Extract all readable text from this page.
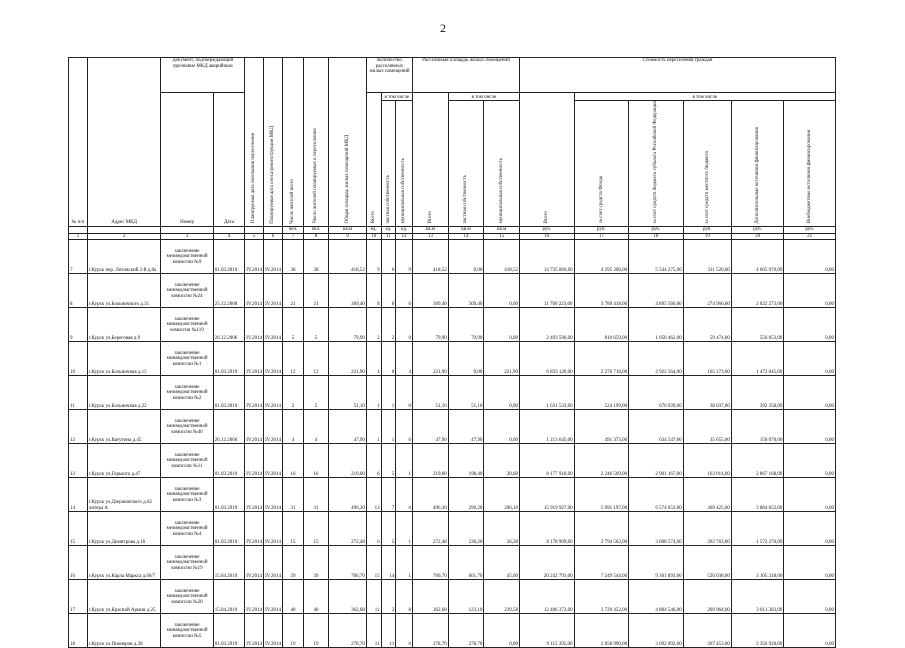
2
№ п/п	Адрес МКД	Документ, подтверждающий признание МКД аварийным		Планируемая дата окончания переселения	Планируемая дата сноса/реконструкции МКД	Число жителей всего	Число жителей планируемых к переселению	Общая площадь жилых помещений МКД	Количество расселяемых жилых помещений			Расселяемая площадь жилых помещений			Стоимость переселения граждан					
		Номер	Дата						Всего	в том числе		Всего	в том числе		Всего	в том числе				
										частная собственность	муниципальная собственность		частная собственность	муниципальная собственность		за счет средств Фонда	за счет средств бюджета субъекта Российской Федерации	за счет средств местного бюджета	Дополнительные источники финансирования	Внебюджетные источники финансирования
						чел.	чел.	кв.м	ед.	ед.	ед.	кв.м	кв.м	кв.м	руб.	руб.	руб.	руб.	руб.	руб.
1	2	3	4	5	6	7	8	9	10	11	12	13	14	15	16	17	18	19	20	21
7	г.Курск пер. Литовский 2-й д.8а	заключение межведомственной комиссии №9	01.03.2010	IV.2014	IV.2014	38	38	418,52	9	0	9	418,52	0,00	418,52	14 735 066,00	4 295 306,00	5 544 275,00	311 520,00	4 605 970,00	0,00
8	г.Курск ул.Больничного д.31	заключение межведомственной комиссии №24	25.12.2008	IV.2014	IV.2014	21	21	369,40	8	8	0	369,40	369,40	0,00	11 760 223,00	3 789 418,00	4 895 566,00	274 966,00	2 022 273,00	0,00
9	г.Курск ул.Береговая д.9	заключение межведомственной комиссии №119	26.12.2006	IV.2014	IV.2014	5	5	79,90	2	2	0	79,90	79,90	0,00	2 493 596,00	810 659,00	1 058 462,00	59 474,00	556 053,00	0,00
10	г.Курск ул.Больничная д.15	заключение межведомственной комиссии №1	01.03.2010	IV.2014	IV.2014	12	12	221,90	4	0	4	221,90	0,00	221,90	6 833 120,00	2 276 718,00	2 922 564,00	165 173,00	1 472 045,00	0,00
11	г.Курск ул.Больничная д.22	заключение межведомственной комиссии №2	01.03.2010	IV.2014	IV.2014	2	2	51,10	1	1	0	51,10	51,10	0,00	1 631 533,00	524 199,00	676 939,00	38 037,00	392 358,00	0,00
12	г.Курск ул.Ватутина д.45	заключение межведомственной комиссии №40	26.12.2006	IV.2014	IV.2014	4	4	47,90	1	1	0	47,90	47,90	0,00	1 213 645,00	491 373,00	634 547,00	35 655,00	150 070,00	0,00
13	г.Курск ул.Горького д.47	заключение межведомственной комиссии №11	01.03.2010	IV.2014	IV.2014	16	16	219,00	6	5	1	219,00	198,40	20,60	8 177 918,00	2 246 509,00	2 901 167,00	163 014,00	2 867 168,00	0,00
14	г.Курск ул.Дзержинского д.62 литера А	заключение межведомственной комиссии №3	01.03.2010	IV.2014	IV.2014	31	31	496,30	13	7	6	496,30	290,20	206,10	15 919 927,00	5 091 197,00	6 574 653,00	369 425,00	3 884 652,00	0,00
15	г.Курск ул.Димитрова д.16	заключение межведомственной комиссии №4	01.03.2010	IV.2014	IV.2014	15	15	272,48	6	5	1	272,48	236,20	36,28	8 178 909,00	2 794 562,00	3 608 574,00	202 763,00	1 572 270,00	0,00
16	г.Курск ул.Карла Маркса д.60/7	заключение межведомственной комиссии №19	15.04.2010	IV.2014	IV.2014	39	39	706,70	15	14	1	706,70	661,70	45,00	20 242 793,00	7 249 544,00	9 361 893,00	526 038,00	3 105 318,00	0,00
17	г.Курск ул.Красной Армии д.25	заключение межведомственной комиссии №20	15.04.2010	IV.2014	IV.2014	40	40	362,68	11	3	8	362,68	123,10	239,58	12 406 373,00	3 720 452,00	4 804 546,00	269 964,00	3 611 383,00	0,00
18	г.Курск ул.Пионеров д.28	заключение межведомственной комиссии №5	01.03.2010	IV.2014	IV.2014	19	19	278,70	11	11	0	278,70	278,70	0,00	9 115 395,00	2 858 990,00	3 692 092,00	207 453,00	2 356 920,00	0,00
